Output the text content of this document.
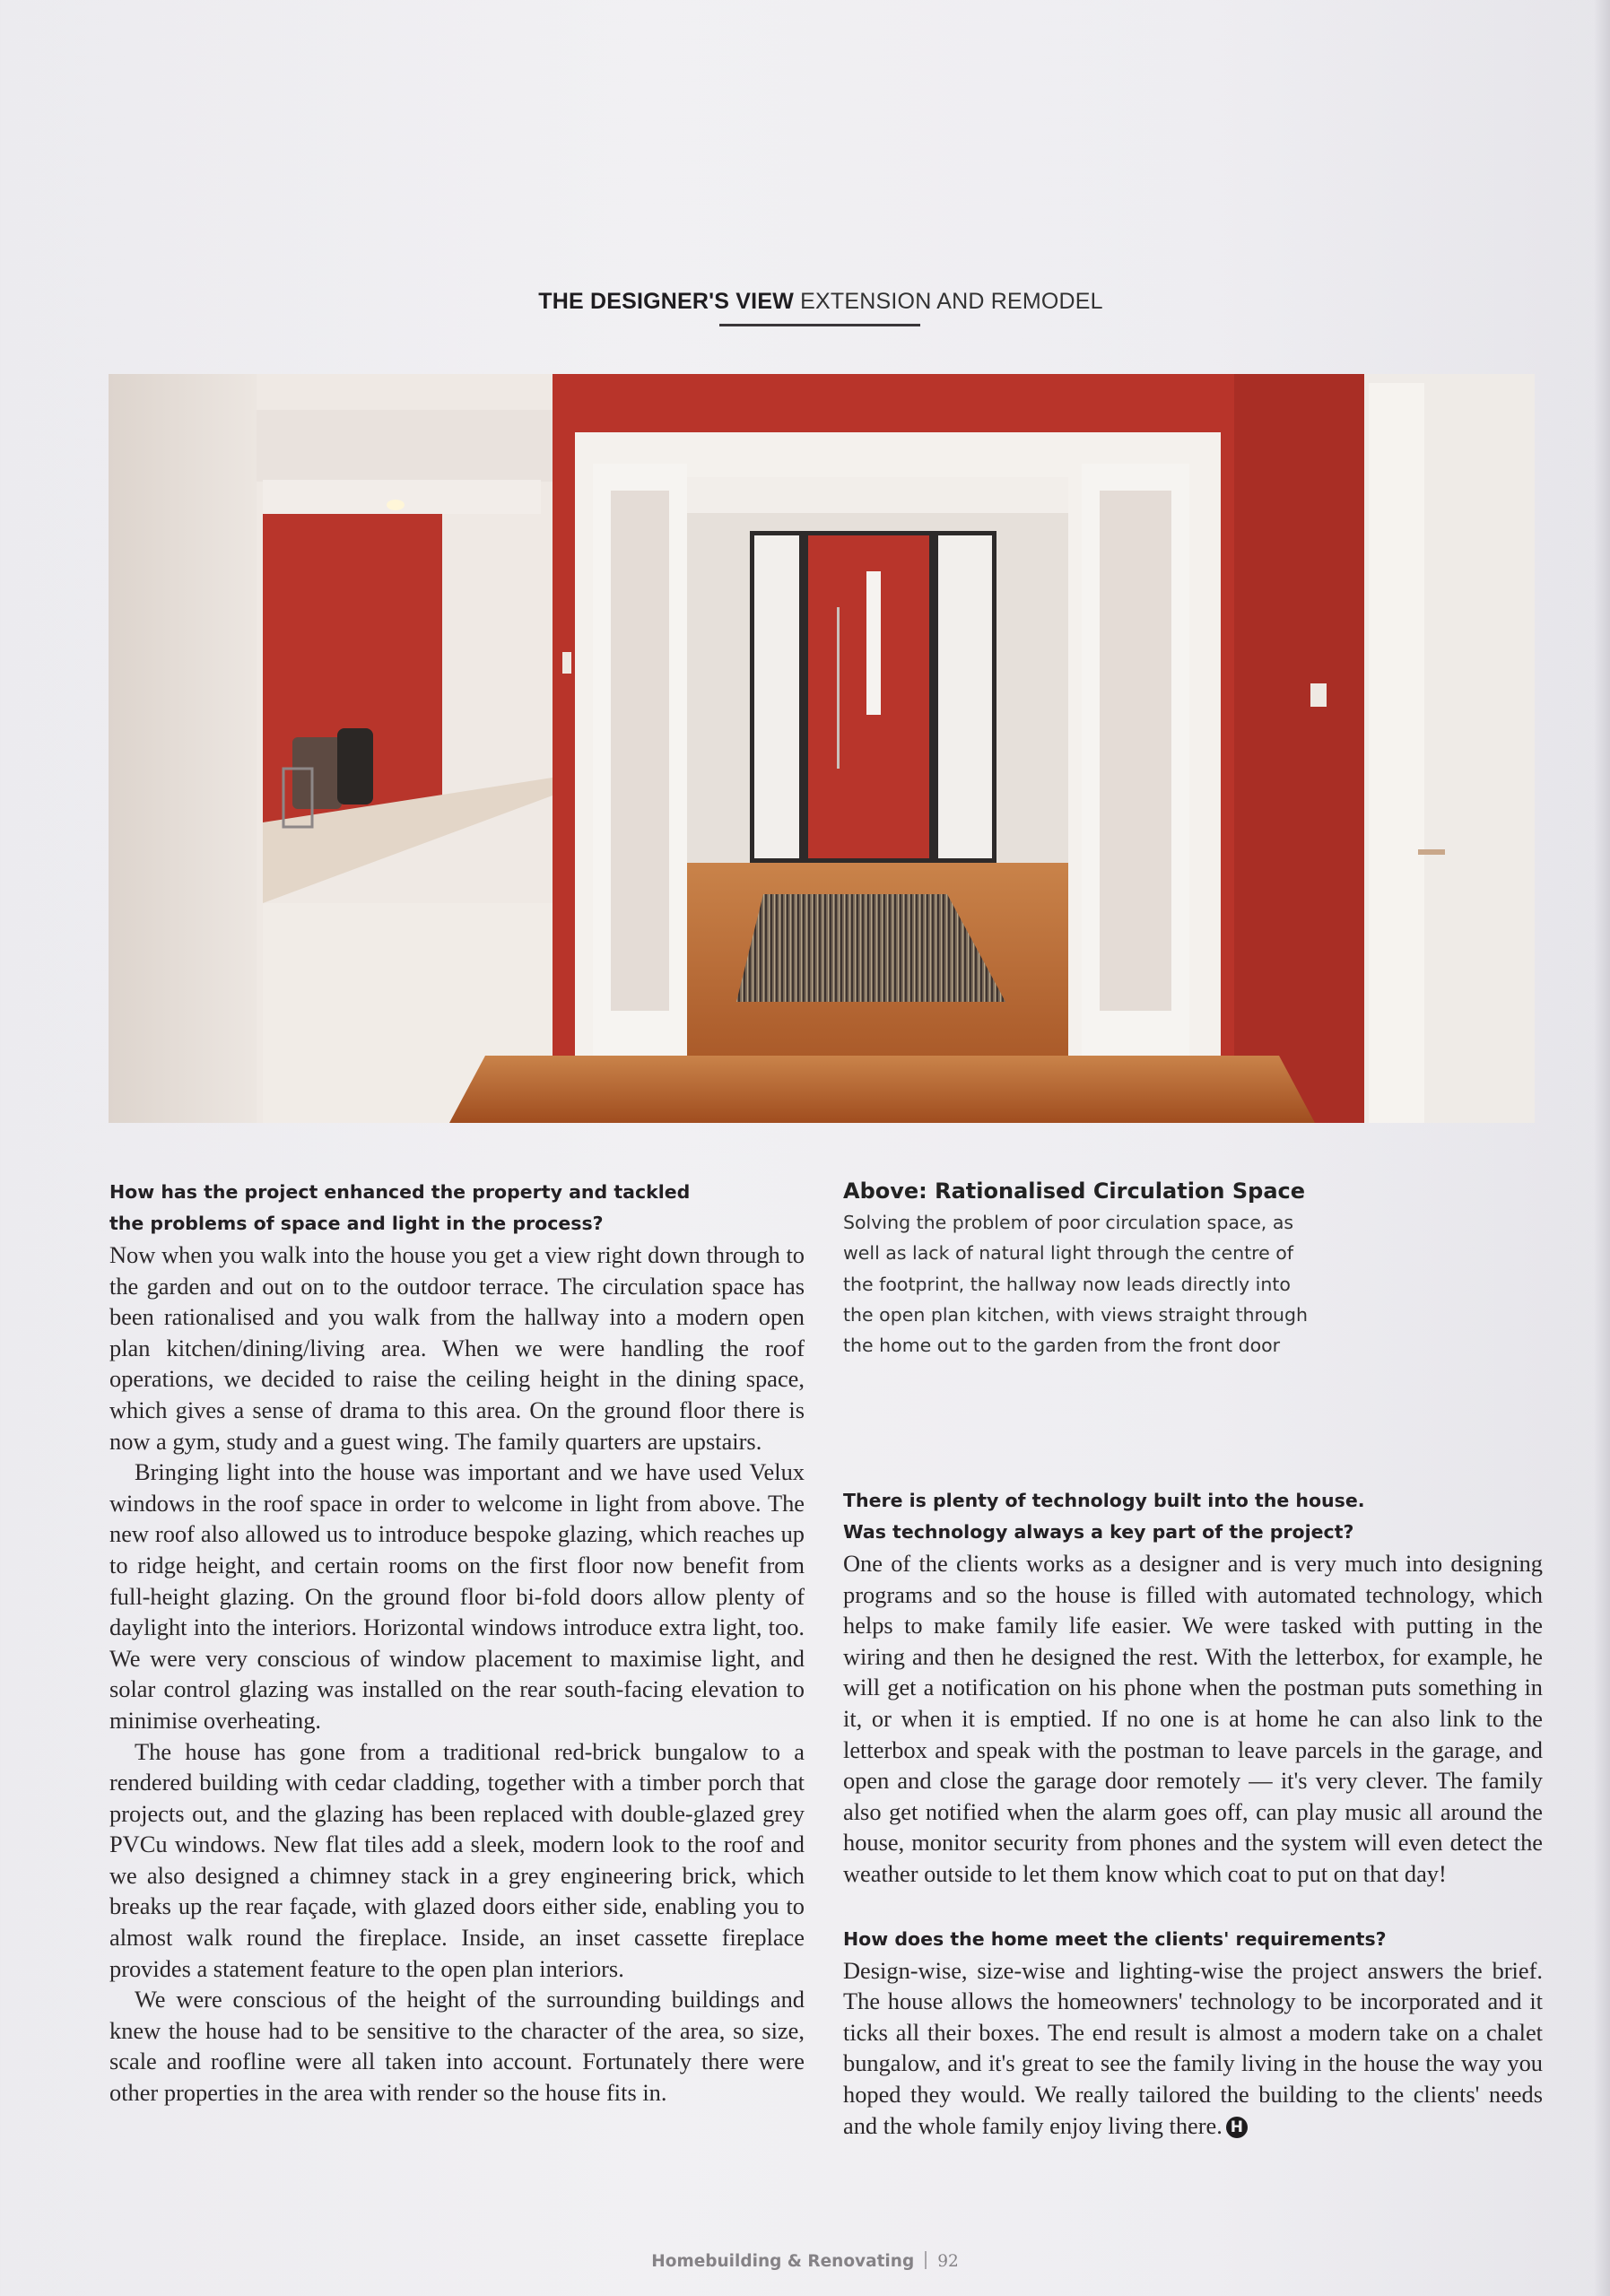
THE DESIGNER'S VIEW EXTENSION AND REMODEL

How has the project enhanced the property and tackled
the problems of space and light in the process?

Now when you walk into the house you get a view right down through to the garden and out on to the outdoor terrace. The circulation space has been rationalised and you walk from the hallway into a modern open plan kitchen/dining/living area. When we were handling the roof operations, we decided to raise the ceiling height in the dining space, which gives a sense of drama to this area. On the ground floor there is now a gym, study and a guest wing. The family quarters are upstairs.

Bringing light into the house was important and we have used Velux windows in the roof space in order to welcome in light from above. The new roof also allowed us to introduce bespoke glazing, which reaches up to ridge height, and certain rooms on the first floor now benefit from full-height glazing. On the ground floor bi-fold doors allow plenty of daylight into the interiors. Horizontal windows introduce extra light, too. We were very conscious of window placement to maximise light, and solar control glazing was installed on the rear south-facing elevation to minimise overheating.

The house has gone from a traditional red-brick bungalow to a rendered building with cedar cladding, together with a timber porch that projects out, and the glazing has been replaced with double-glazed grey PVCu windows. New flat tiles add a sleek, modern look to the roof and we also designed a chimney stack in a grey engineering brick, which breaks up the rear façade, with glazed doors either side, enabling you to almost walk round the fireplace. Inside, an inset cassette fireplace provides a statement feature to the open plan interiors.

We were conscious of the height of the surrounding buildings and knew the house had to be sensitive to the character of the area, so size, scale and roofline were all taken into account. Fortunately there were other properties in the area with render so the house fits in.

Above: Rationalised Circulation Space

Solving the problem of poor circulation space, as
well as lack of natural light through the centre of
the footprint, the hallway now leads directly into
the open plan kitchen, with views straight through
the home out to the garden from the front door

There is plenty of technology built into the house.
Was technology always a key part of the project?

One of the clients works as a designer and is very much into designing programs and so the house is filled with automated technology, which helps to make family life easier. We were tasked with putting in the wiring and then he designed the rest. With the letterbox, for example, he will get a notification on his phone when the postman puts something in it, or when it is emptied. If no one is at home he can also link to the letterbox and speak with the postman to leave parcels in the garage, and open and close the garage door remotely — it's very clever. The family also get notified when the alarm goes off, can play music all around the house, monitor security from phones and the system will even detect the weather outside to let them know which coat to put on that day!

How does the home meet the clients' requirements?

Design-wise, size-wise and lighting-wise the project answers the brief. The house allows the homeowners' technology to be incorporated and it ticks all their boxes. The end result is almost a modern take on a chalet bungalow, and it's great to see the family living in the house the way you hoped they would. We really tailored the building to the clients' needs and the whole family enjoy living there. H

Homebuilding & Renovating 92
